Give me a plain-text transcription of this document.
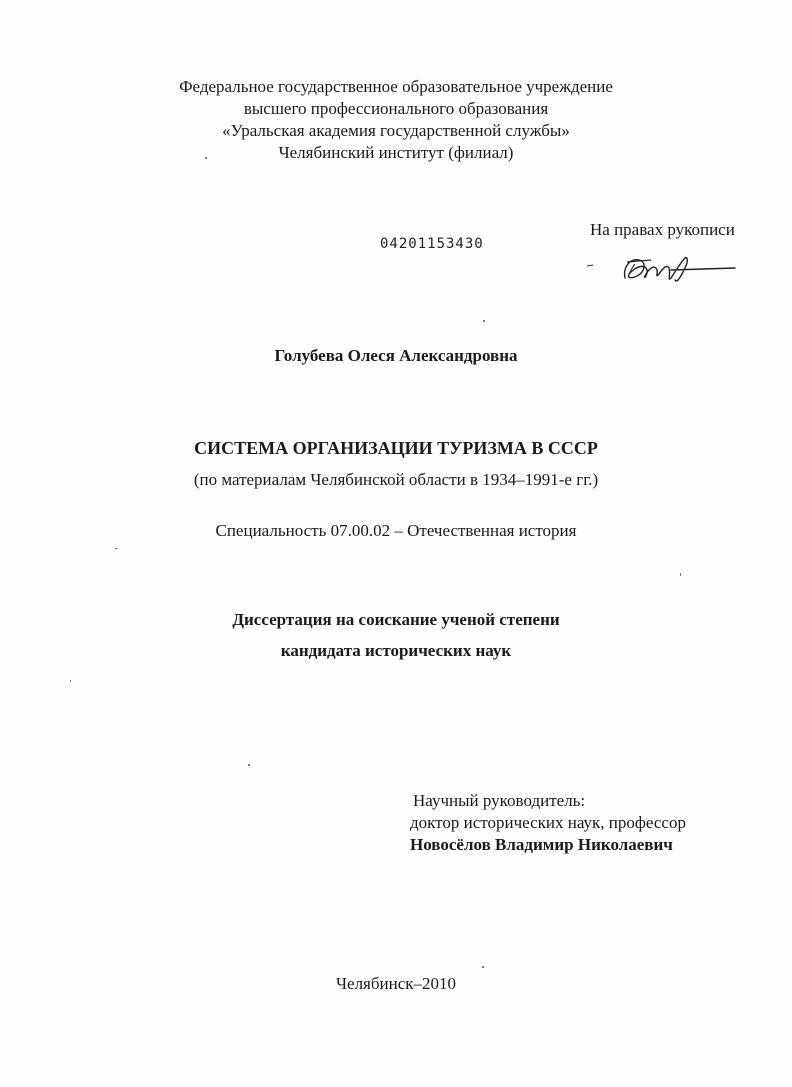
Федеральное государственное образовательное учреждение
высшего профессионального образования
«Уральская академия государственной службы»
Челябинский институт (филиал)
04201153430
На правах рукописи
Голубева Олеся Александровна
СИСТЕМА ОРГАНИЗАЦИИ ТУРИЗМА В СССР
(по материалам Челябинской области в 1934–1991-е гг.)
Специальность 07.00.02 – Отечественная история
Диссертация на соискание ученой степени
кандидата исторических наук
Научный руководитель:
доктор исторических наук, профессор
Новосёлов Владимир Николаевич
Челябинск–2010
